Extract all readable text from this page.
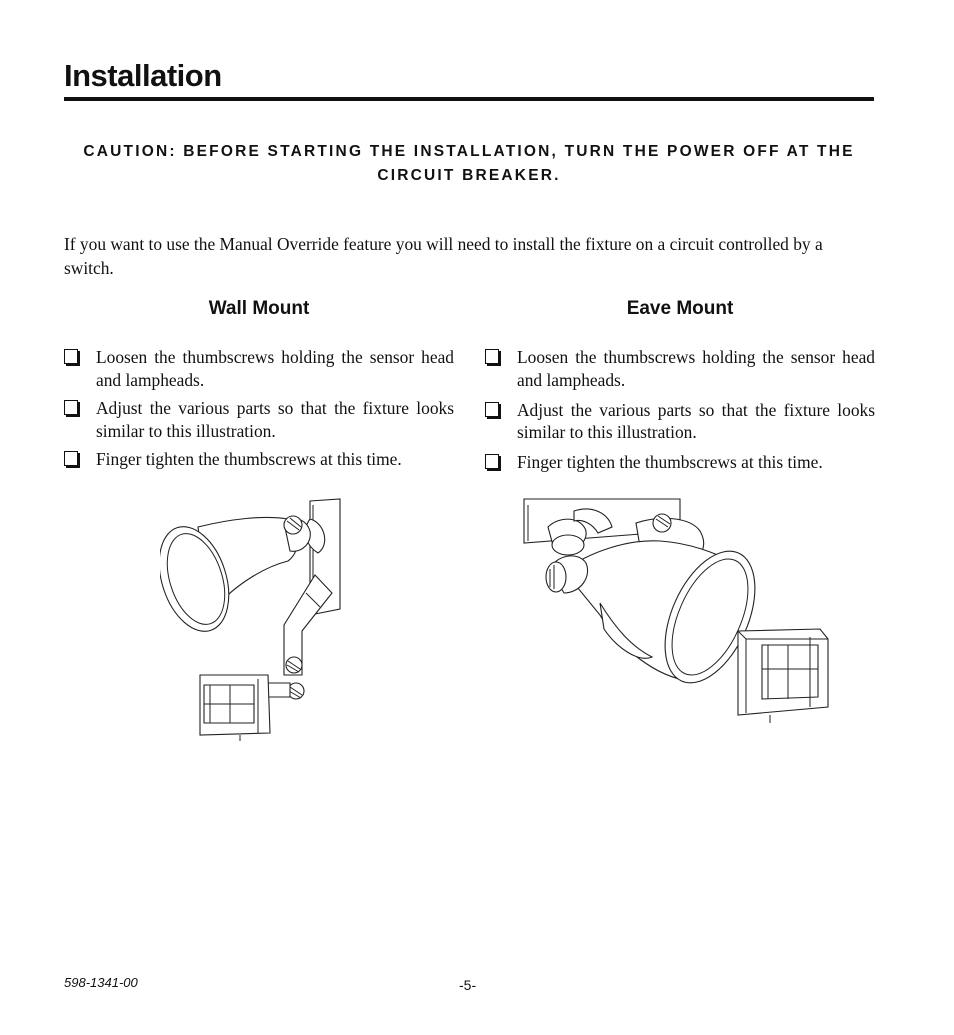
Installation
CAUTION: BEFORE STARTING THE INSTALLATION, TURN THE POWER OFF AT THE CIRCUIT BREAKER.

If you want to use the Manual Override feature you will need to install the fixture on a circuit controlled by a switch.

Wall Mount
Loosen the thumbscrews holding the sensor head and lampheads.
Adjust the various parts so that the fixture looks similar to this illustration.
Finger tighten the thumbscrews at this time.
Eave Mount
Loosen the thumbscrews holding the sensor head and lampheads.
Adjust the various parts so that the fixture looks similar to this illustration.
Finger tighten the thumbscrews at this time.
598-1341-00	-5-
